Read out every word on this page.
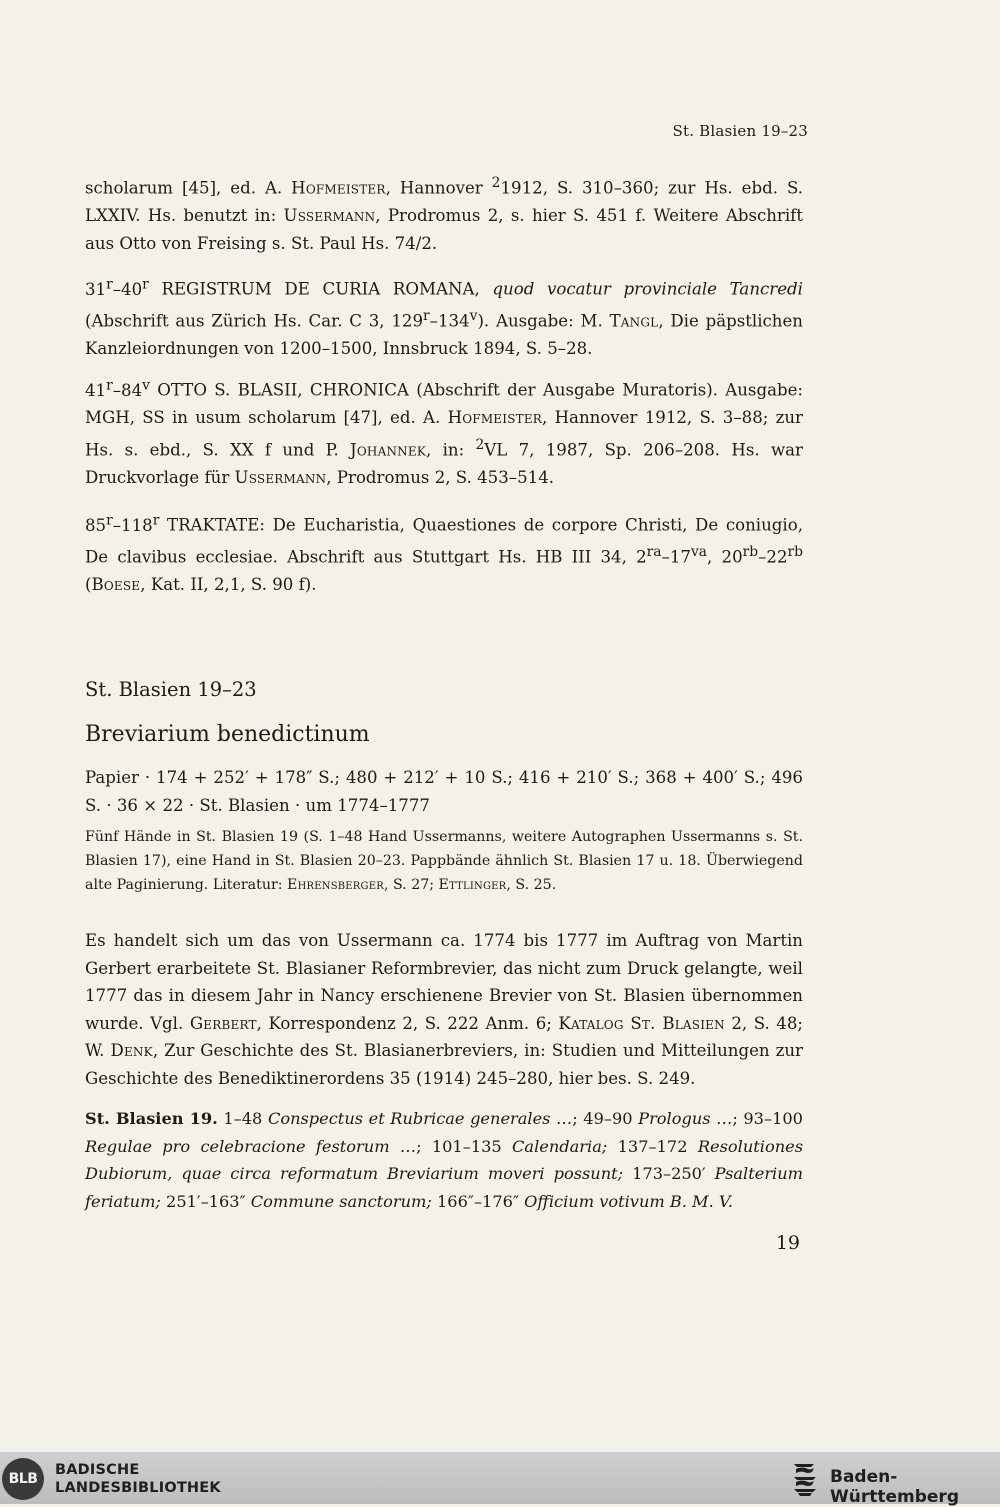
St. Blasien 19–23

scholarum [45], ed. A. Hofmeister, Hannover $^2$1912, S. 310–360; zur Hs. ebd. S. LXXIV. Hs. benutzt in: Ussermann, Prodromus 2, s. hier S. 451 f. Weitere Abschrift aus Otto von Freising s. St. Paul Hs. 74/2.

31$^r$–40$^r$ REGISTRUM DE CURIA ROMANA, quod vocatur provinciale Tancredi (Abschrift aus Zürich Hs. Car. C 3, 129$^r$–134$^v$). Ausgabe: M. Tangl, Die päpstlichen Kanzleiordnungen von 1200–1500, Innsbruck 1894, S. 5–28.

41$^r$–84$^v$ OTTO S. BLASII, CHRONICA (Abschrift der Ausgabe Muratoris). Ausgabe: MGH, SS in usum scholarum [47], ed. A. Hofmeister, Hannover 1912, S. 3–88; zur Hs. s. ebd., S. XX f und P. Johannek, in: $^2$VL 7, 1987, Sp. 206–208. Hs. war Druckvorlage für Ussermann, Prodromus 2, S. 453–514.

85$^r$–118$^r$ TRAKTATE: De Eucharistia, Quaestiones de corpore Christi, De coniugio, De clavibus ecclesiae. Abschrift aus Stuttgart Hs. HB III 34, $2^{ra}-17^{va}$, $20^{rb}-22^{rb}$ (Boese, Kat. II, 2,1, S. 90 f).

St. Blasien 19–23
Breviarium benedictinum

Papier · 174 + 252′ + 178″ S.; 480 + 212′ + 10 S.; 416 + 210′ S.; 368 + 400′ S.; 496 S. · 36 × 22 · St. Blasien · um 1774–1777

Fünf Hände in St. Blasien 19 (S. 1–48 Hand Ussermanns, weitere Autographen Ussermanns s. St. Blasien 17), eine Hand in St. Blasien 20–23. Pappbände ähnlich St. Blasien 17 u. 18. Überwiegend alte Paginierung. Literatur: Ehrensberger, S. 27; Ettlinger, S. 25.

Es handelt sich um das von Ussermann ca. 1774 bis 1777 im Auftrag von Martin Gerbert erarbeitete St. Blasianer Reformbrevier, das nicht zum Druck gelangte, weil 1777 das in diesem Jahr in Nancy erschienene Brevier von St. Blasien übernommen wurde. Vgl. Gerbert, Korrespondenz 2, S. 222 Anm. 6; Katalog St. Blasien 2, S. 48; W. Denk, Zur Geschichte des St. Blasianerbreviers, in: Studien und Mitteilungen zur Geschichte des Benediktinerordens 35 (1914) 245–280, hier bes. S. 249.

St. Blasien 19. 1–48 Conspectus et Rubricae generales …; 49–90 Prologus …; 93–100 Regulae pro celebracione festorum …; 101–135 Calendaria; 137–172 Resolutiones Dubiorum, quae circa reformatum Breviarium moveri possunt; 173–250′ Psalterium feriatum; 251′–163″ Commune sanctorum; 166″–176″ Officium votivum B. M. V.

19
BLB
BADISCHE
LANDESBIBLIOTHEK
Baden-Württemberg
